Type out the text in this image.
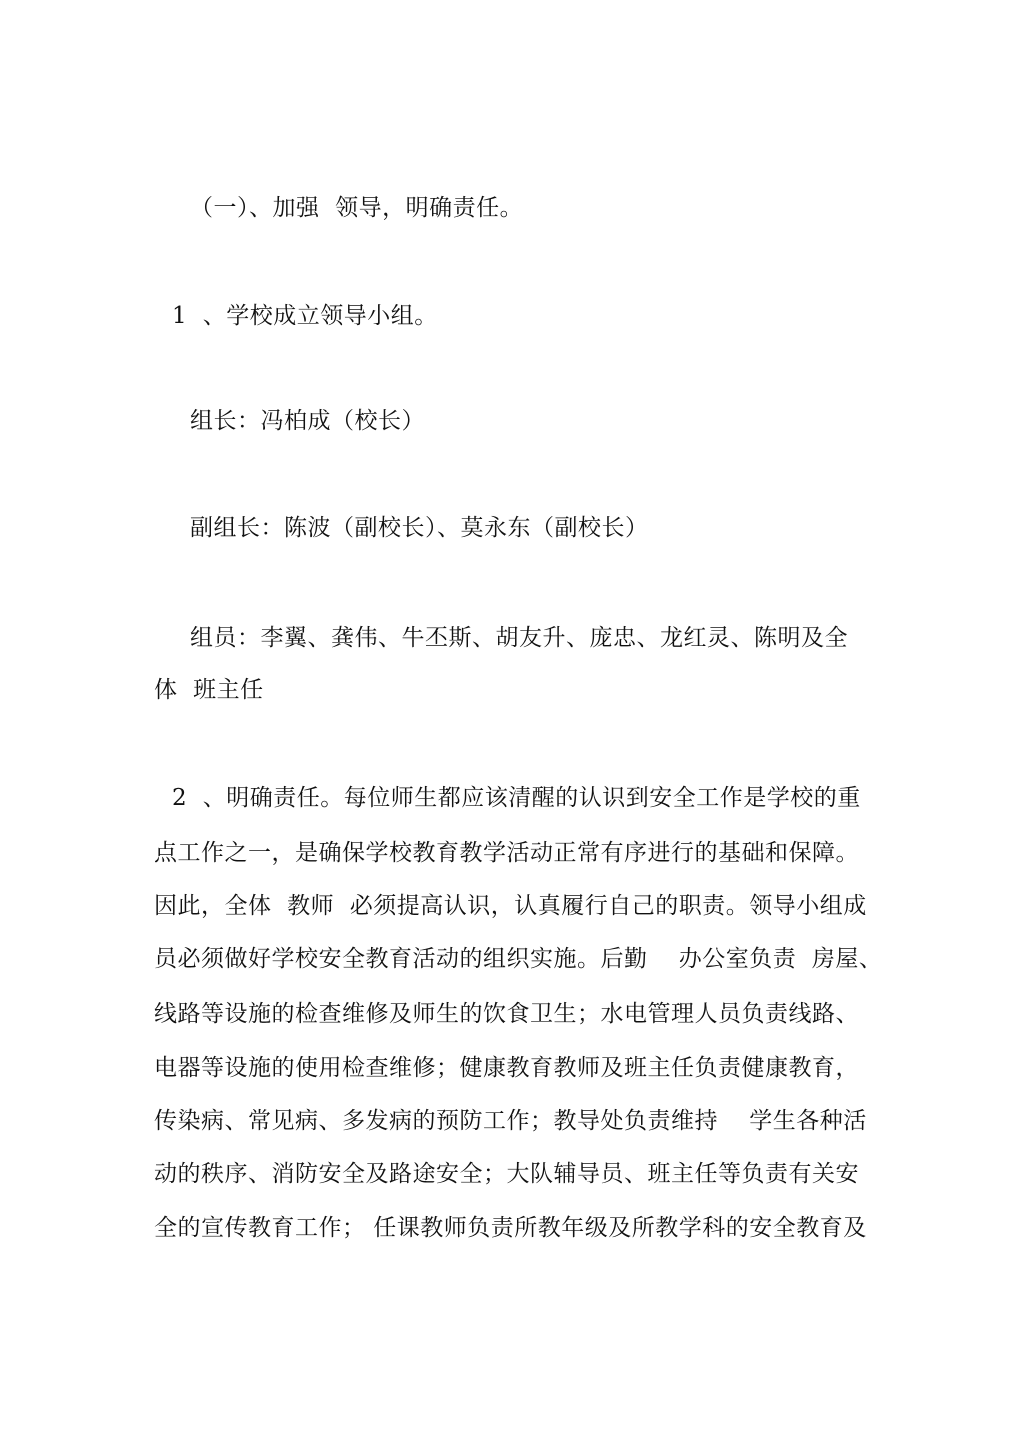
（一）、加强  领导，明确责任。
1  、学校成立领导小组。
组长：冯柏成（校长）
副组长：陈波（副校长）、莫永东（副校长）
组员：李翼、龚伟、牛丕斯、胡友升、庞忠、龙红灵、陈明及全
体  班主任
2  、明确责任。每位师生都应该清醒的认识到安全工作是学校的重
点工作之一，是确保学校教育教学活动正常有序进行的基础和保障。
因此，全体  教师  必须提高认识，认真履行自己的职责。领导小组成
员必须做好学校安全教育活动的组织实施。后勤    办公室负责  房屋、
线路等设施的检查维修及师生的饮食卫生；水电管理人员负责线路、
电器等设施的使用检查维修；健康教育教师及班主任负责健康教育，
传染病、常见病、多发病的预防工作；教导处负责维持    学生各种活
动的秩序、消防安全及路途安全；大队辅导员、班主任等负责有关安
全的宣传教育工作； 任课教师负责所教年级及所教学科的安全教育及
